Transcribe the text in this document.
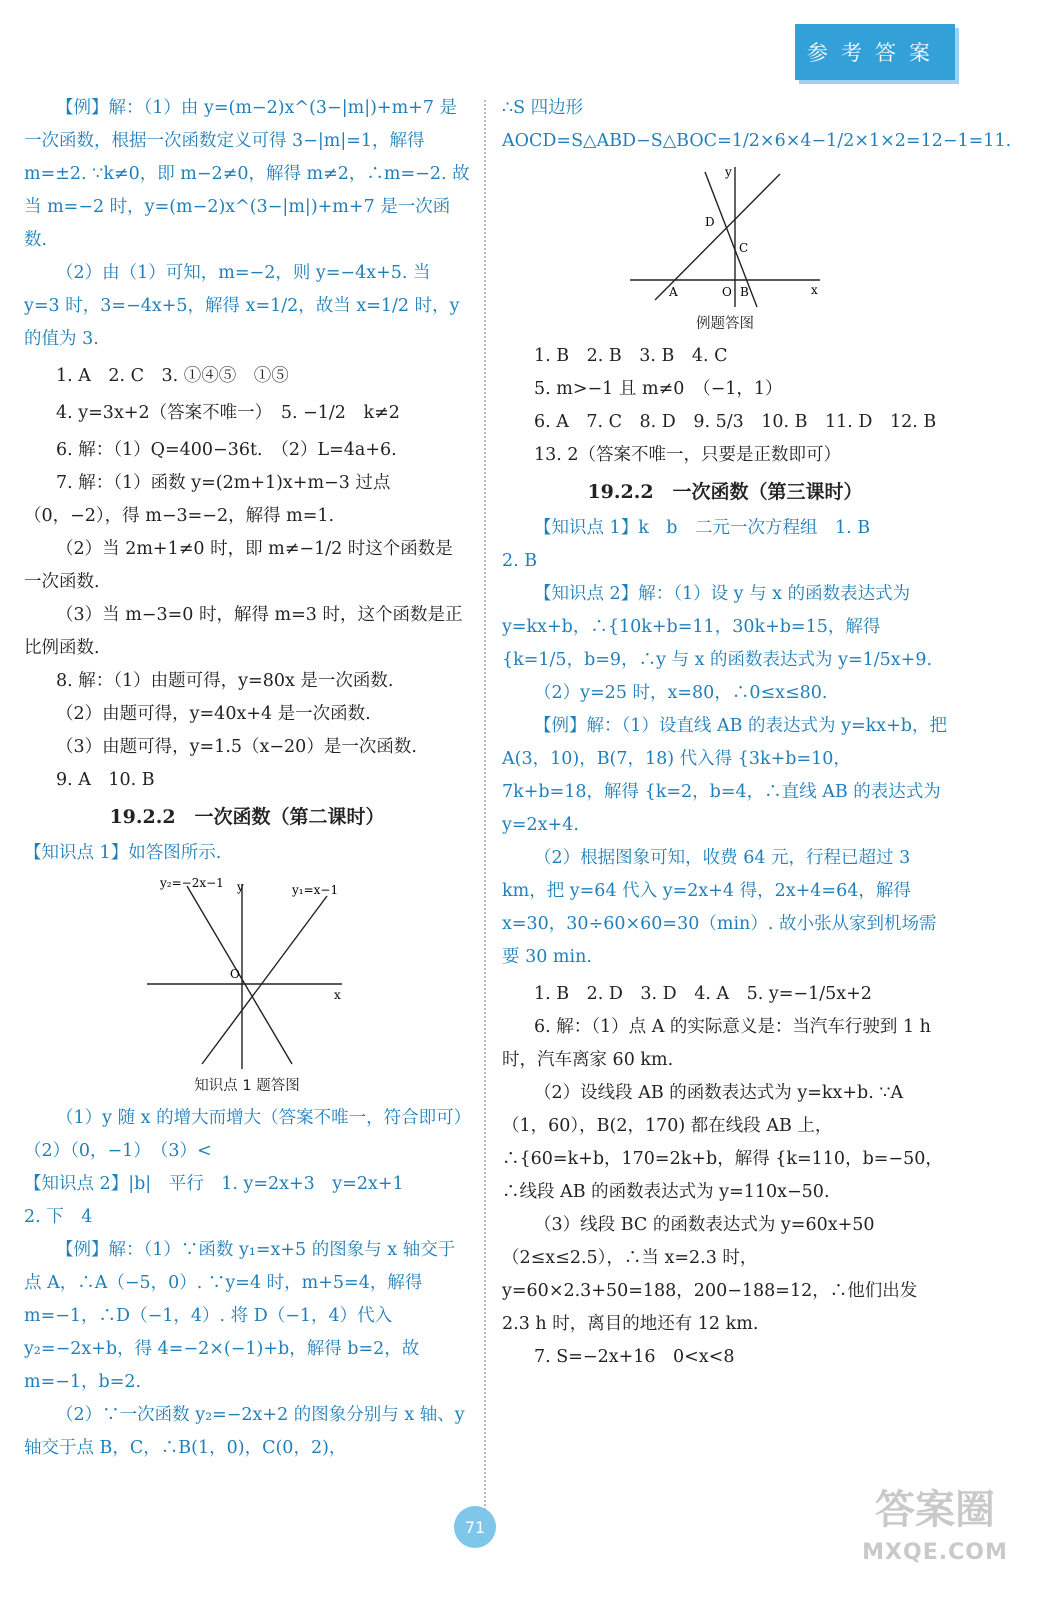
参考答案

【例】解：（1）由 y=(m−2)x^(3−|m|)+m+7 是一次函数，根据一次函数定义可得 3−|m|=1，解得 m=±2. ∵k≠0，即 m−2≠0，解得 m≠2，∴m=−2. 故当 m=−2 时，y=(m−2)x^(3−|m|)+m+7 是一次函数.

（2）由（1）可知，m=−2，则 y=−4x+5. 当 y=3 时，3=−4x+5，解得 x=1/2，故当 x=1/2 时，y 的值为 3.

1. A　2. C　3. ①④⑤　①⑤

4. y=3x+2（答案不唯一）　5. −1/2　k≠2

6. 解：（1）Q=400−36t.　（2）L=4a+6.

7. 解：（1）函数 y=(2m+1)x+m−3 过点（0，−2），得 m−3=−2，解得 m=1.

（2）当 2m+1≠0 时，即 m≠−1/2 时这个函数是一次函数.

（3）当 m−3=0 时，解得 m=3 时，这个函数是正比例函数.

8. 解：（1）由题可得，y=80x 是一次函数.

（2）由题可得，y=40x+4 是一次函数.

（3）由题可得，y=1.5（x−20）是一次函数.

9. A　10. B

19.2.2　一次函数（第二课时）

【知识点 1】如答图所示.

y₂=−2x−1	y₁=x−1
y
x
O

知识点 1 题答图

（1）y 随 x 的增大而增大（答案不唯一，符合即可）　（2）（0，−1）　（3）<

【知识点 2】|b|　平行　1. y=2x+3　y=2x+1

2. 下　4

【例】解：（1）∵函数 y₁=x+5 的图象与 x 轴交于点 A，∴A（−5，0）. ∵y=4 时，m+5=4，解得 m=−1，∴D（−1，4）. 将 D（−1，4）代入 y₂=−2x+b，得 4=−2×(−1)+b，解得 b=2，故 m=−1，b=2.

（2）∵一次函数 y₂=−2x+2 的图象分别与 x 轴、y 轴交于点 B，C，∴B(1，0)，C(0，2)，

∴S 四边形 AOCD=S△ABD−S△BOC=1/2×6×4−1/2×1×2=12−1=11.

y
x
A	O B
C
D

例题答图

1. B　2. B　3. B　4. C

5. m>−1 且 m≠0　（−1，1）

6. A　7. C　8. D　9. 5/3　10. B　11. D　12. B

13. 2（答案不唯一，只要是正数即可）

19.2.2　一次函数（第三课时）

【知识点 1】k　b　二元一次方程组　1. B

2. B

【知识点 2】解：（1）设 y 与 x 的函数表达式为 y=kx+b，∴{10k+b=11，30k+b=15，解得 {k=1/5，b=9，∴y 与 x 的函数表达式为 y=1/5x+9.

（2）y=25 时，x=80，∴0≤x≤80.

【例】解：（1）设直线 AB 的表达式为 y=kx+b，把 A(3，10)，B(7，18) 代入得 {3k+b=10，7k+b=18，解得 {k=2，b=4，∴直线 AB 的表达式为 y=2x+4.

（2）根据图象可知，收费 64 元，行程已超过 3 km，把 y=64 代入 y=2x+4 得，2x+4=64，解得 x=30，30÷60×60=30（min）. 故小张从家到机场需要 30 min.

1. B　2. D　3. D　4. A　5. y=−1/5x+2

6. 解：（1）点 A 的实际意义是：当汽车行驶到 1 h 时，汽车离家 60 km.

（2）设线段 AB 的函数表达式为 y=kx+b. ∵A（1，60），B(2，170) 都在线段 AB 上，∴{60=k+b，170=2k+b，解得 {k=110，b=−50，∴线段 AB 的函数表达式为 y=110x−50.

（3）线段 BC 的函数表达式为 y=60x+50（2≤x≤2.5），∴当 x=2.3 时，y=60×2.3+50=188，200−188=12，∴他们出发 2.3 h 时，离目的地还有 12 km.

7. S=−2x+16　0<x<8

71	答案圈
MXQE.COM
